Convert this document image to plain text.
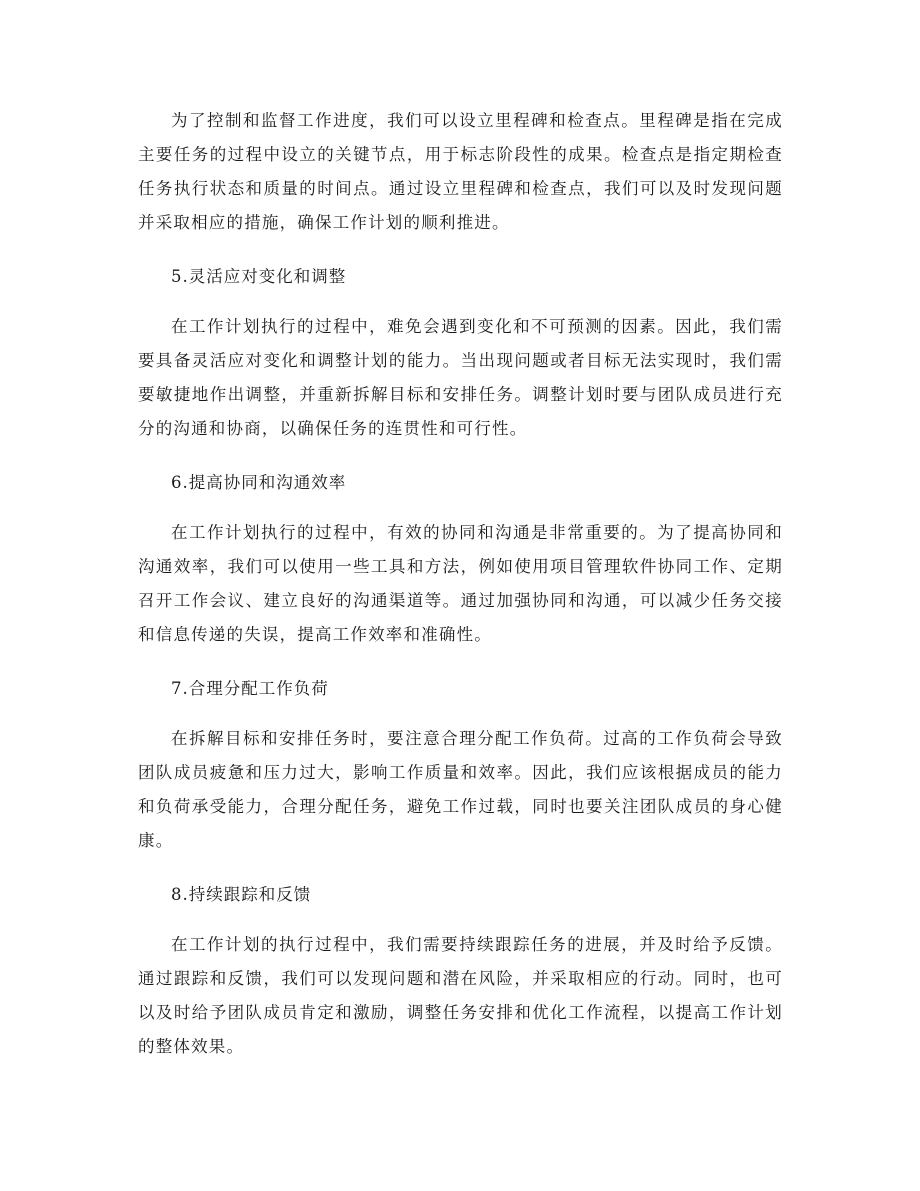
为了控制和监督工作进度，我们可以设立里程碑和检查点。里程碑是指在完成主要任务的过程中设立的关键节点，用于标志阶段性的成果。检查点是指定期检查任务执行状态和质量的时间点。通过设立里程碑和检查点，我们可以及时发现问题并采取相应的措施，确保工作计划的顺利推进。

5.灵活应对变化和调整

在工作计划执行的过程中，难免会遇到变化和不可预测的因素。因此，我们需要具备灵活应对变化和调整计划的能力。当出现问题或者目标无法实现时，我们需要敏捷地作出调整，并重新拆解目标和安排任务。调整计划时要与团队成员进行充分的沟通和协商，以确保任务的连贯性和可行性。

6.提高协同和沟通效率

在工作计划执行的过程中，有效的协同和沟通是非常重要的。为了提高协同和沟通效率，我们可以使用一些工具和方法，例如使用项目管理软件协同工作、定期召开工作会议、建立良好的沟通渠道等。通过加强协同和沟通，可以减少任务交接和信息传递的失误，提高工作效率和准确性。

7.合理分配工作负荷

在拆解目标和安排任务时，要注意合理分配工作负荷。过高的工作负荷会导致团队成员疲惫和压力过大，影响工作质量和效率。因此，我们应该根据成员的能力和负荷承受能力，合理分配任务，避免工作过载，同时也要关注团队成员的身心健康。

8.持续跟踪和反馈

在工作计划的执行过程中，我们需要持续跟踪任务的进展，并及时给予反馈。通过跟踪和反馈，我们可以发现问题和潜在风险，并采取相应的行动。同时，也可以及时给予团队成员肯定和激励，调整任务安排和优化工作流程，以提高工作计划的整体效果。
